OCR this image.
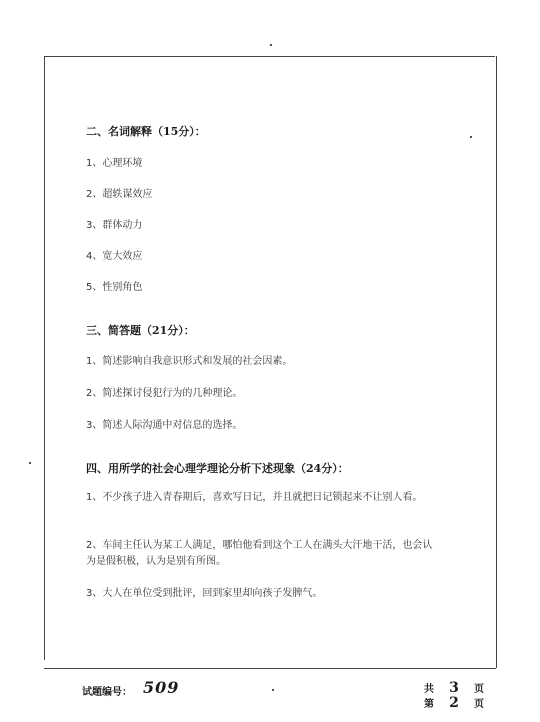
二、名词解释（15分）：

1、心理环境

2、超轶谋效应

3、群体动力

4、宽大效应

5、性别角色

三、简答题（21分）：

1、简述影响自我意识形式和发展的社会因素。

2、简述探讨侵犯行为的几种理论。

3、简述人际沟通中对信息的选择。

四、用所学的社会心理学理论分析下述现象（24分）：

1、不少孩子进入青春期后，喜欢写日记，并且就把日记锁起来不让别人看。

2、车间主任认为某工人满足，哪怕他看到这个工人在满头大汗地干活，也会认为是假积极，认为是别有所图。

3、大人在单位受到批评，回到家里却向孩子发脾气。

试题编号： 509	共 3 页
第 2 页
